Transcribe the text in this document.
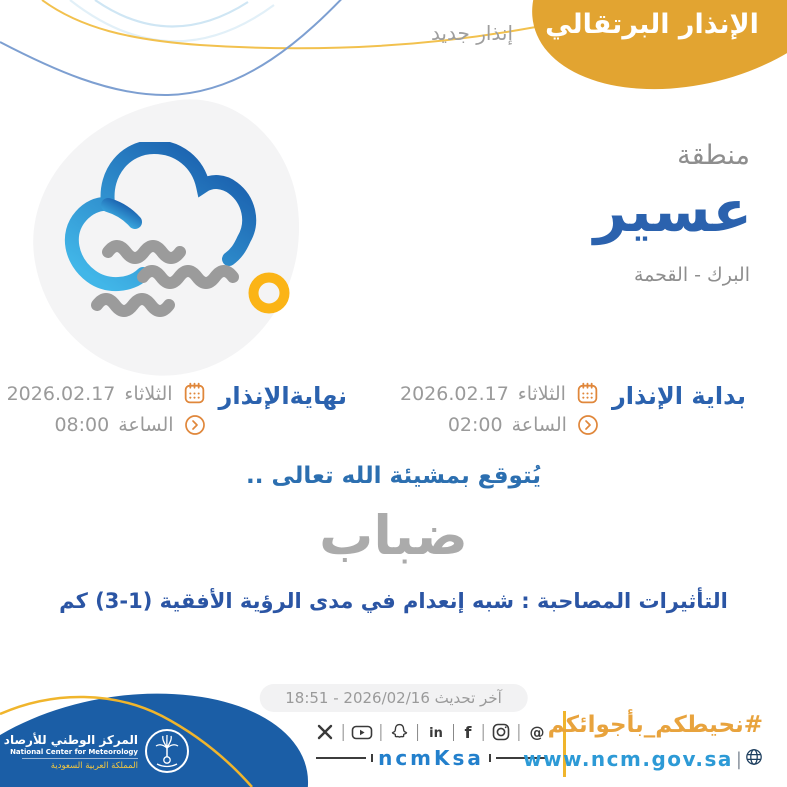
الإنذار البرتقالي
إنذار جديد
منطقة
عسير
البرك - القحمة
بداية الإنذار
الثلاثاء
2026.02.17
الساعة
02:00
نهايةالإنذار
الثلاثاء
2026.02.17
الساعة
08:00
يُتوقع بمشيئة الله تعالى ..
ضباب
التأثيرات المصاحبة : شبه إنعدام في مدى الرؤية الأفقية (1-3) كم
آخر تحديث 2026/02/16 - 18:51
المركز الوطني للأرصاد
National Center for Meteorology
المملكة العربية السعودية
| | | in | f | | @
ncmKsa
#نحيطكم_بأجوائكم
www.ncm.gov.sa |
